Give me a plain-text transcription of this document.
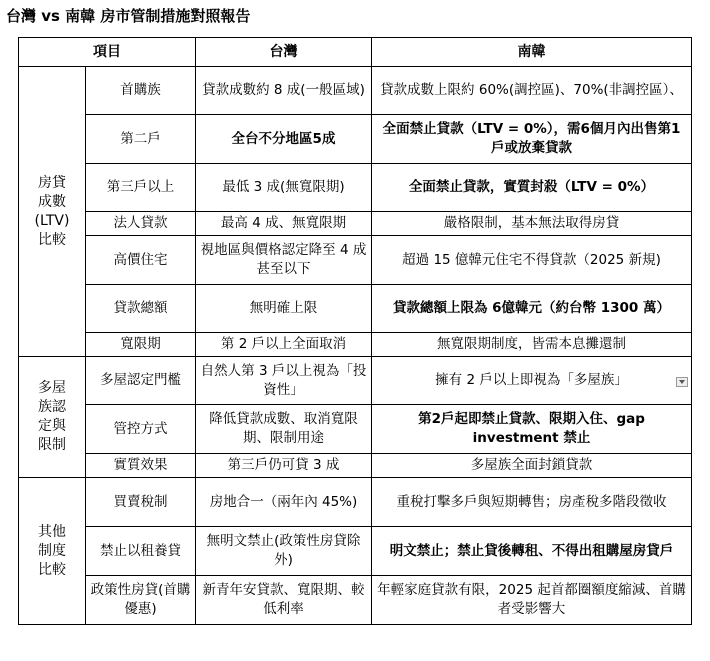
台灣 vs 南韓 房市管制措施對照報告
項目		台灣	南韓
房貸
成數
(LTV)
比較	首購族	貸款成數約 8 成(一般區域)	貸款成數上限約 60%(調控區)、70%(非調控區）、
	第二戶	全台不分地區5成	全面禁止貸款（LTV = 0%），需6個月內出售第1戶或放棄貸款
	第三戶以上	最低 3 成(無寬限期)	全面禁止貸款，實質封殺（LTV = 0%）
	法人貸款	最高 4 成、無寬限期	嚴格限制，基本無法取得房貸
	高價住宅	視地區與價格認定降至 4 成甚至以下	超過 15 億韓元住宅不得貸款（2025 新規)
	貸款總額	無明確上限	貸款總額上限為 6億韓元（約台幣 1300 萬）
	寬限期	第 2 戶以上全面取消	無寬限期制度，皆需本息攤還制
多屋
族認
定與
限制	多屋認定門檻	自然人第 3 戶以上視為「投資性」	擁有 2 戶以上即視為「多屋族」
	管控方式	降低貸款成數、取消寬限期、限制用途	第2戶起即禁止貸款、限期入住、gap investment 禁止
	實質效果	第三戶仍可貸 3 成	多屋族全面封鎖貸款
其他
制度
比較	買賣稅制	房地合一（兩年內 45%)	重稅打擊多戶與短期轉售；房產稅多階段徵收
	禁止以租養貸	無明文禁止(政策性房貸除外)	明文禁止；禁止貸後轉租、不得出租購屋房貸戶
	政策性房貸(首購優惠)	新青年安貸款、寬限期、較低利率	年輕家庭貸款有限，2025 起首都圈額度縮減、首購者受影響大
